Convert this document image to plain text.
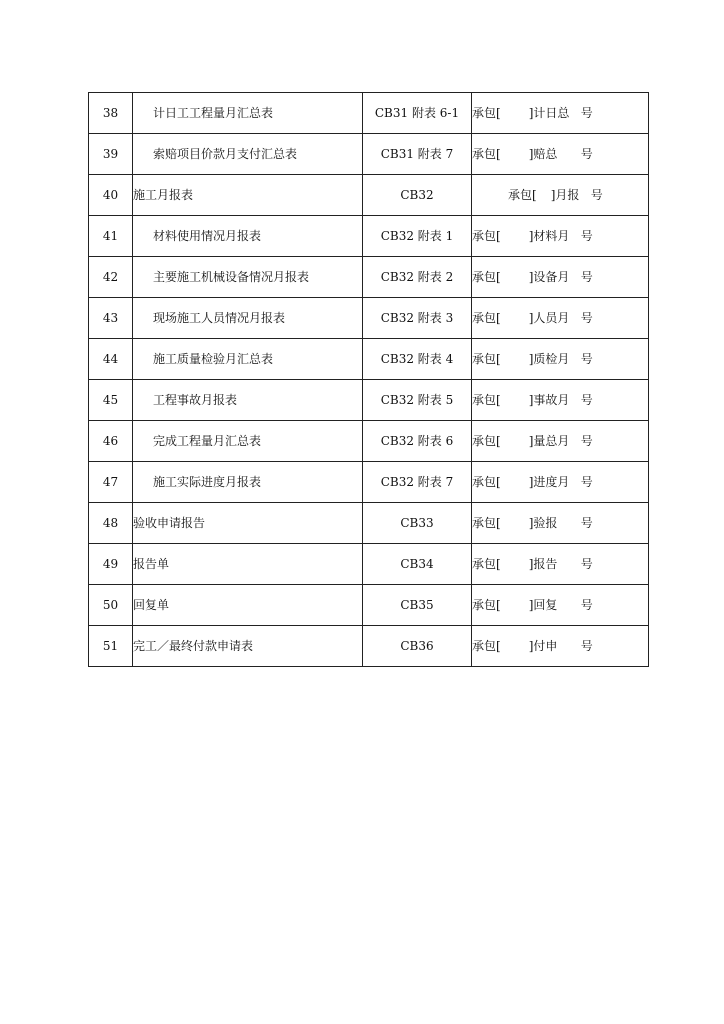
38	计日工工程量月汇总表	CB31 附表 6-1	承包[ ]计日总 号

39	索赔项目价款月支付汇总表	CB31 附表 7	承包[ ]赔总 号

40	施工月报表	CB32	承包[ ]月报 号

41	材料使用情况月报表	CB32 附表 1	承包[ ]材料月 号

42	主要施工机械设备情况月报表	CB32 附表 2	承包[ ]设备月 号

43	现场施工人员情况月报表	CB32 附表 3	承包[ ]人员月 号

44	施工质量检验月汇总表	CB32 附表 4	承包[ ]质检月 号

45	工程事故月报表	CB32 附表 5	承包[ ]事故月 号

46	完成工程量月汇总表	CB32 附表 6	承包[ ]量总月 号

47	施工实际进度月报表	CB32 附表 7	承包[ ]进度月 号

48	验收申请报告	CB33	承包[ ]验报 号

49	报告单	CB34	承包[ ]报告 号

50	回复单	CB35	承包[ ]回复 号

51	完工／最终付款申请表	CB36	承包[ ]付申 号
